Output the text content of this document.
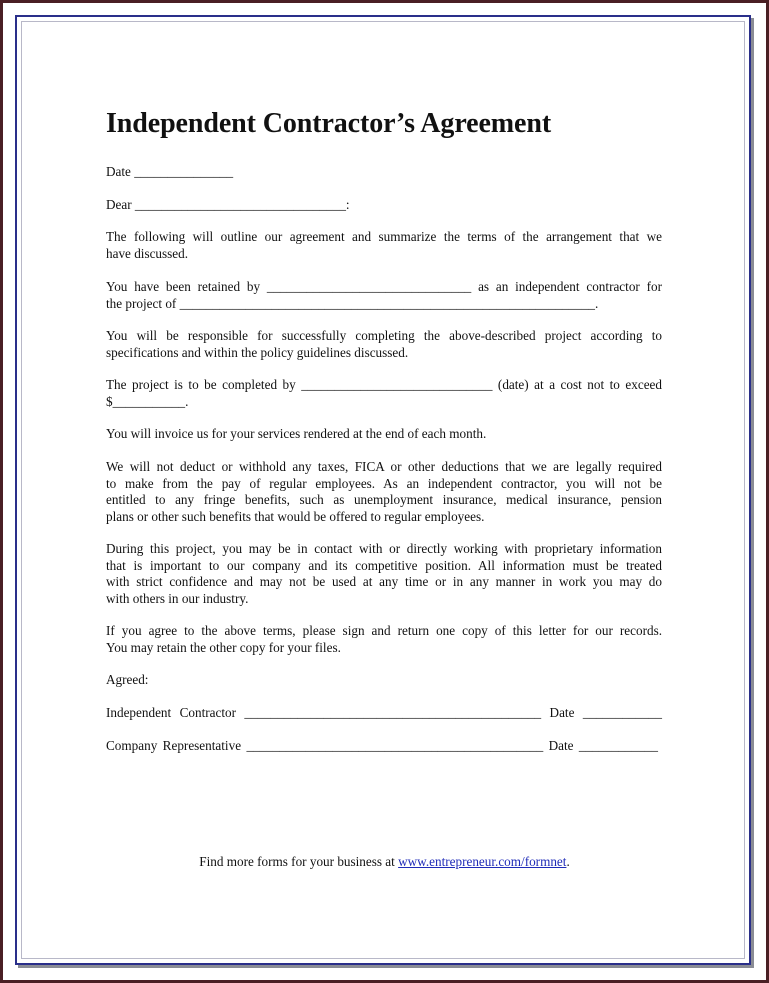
Independent Contractor’s Agreement

Date _______________

Dear ________________________________:

The following will outline our agreement and summarize the terms of the arrangement that we
have discussed.
You have been retained by _______________________________ as an independent contractor for
the project of _______________________________________________________________.
You will be responsible for successfully completing the above-described project according to
specifications and within the policy guidelines discussed.
The project is to be completed by _____________________________ (date) at a cost not to exceed
$___________.

You will invoice us for your services rendered at the end of each month.

We will not deduct or withhold any taxes, FICA or other deductions that we are legally required
to make from the pay of regular employees. As an independent contractor, you will not be
entitled to any fringe benefits, such as unemployment insurance, medical insurance, pension
plans or other such benefits that would be offered to regular employees.
During this project, you may be in contact with or directly working with proprietary information
that is important to our company and its competitive position. All information must be treated
with strict confidence and may not be used at any time or in any manner in work you may do
with others in our industry.
If you agree to the above terms, please sign and return one copy of this letter for our records.
You may retain the other copy for your files.

Agreed:

Independent Contractor _____________________________________________ Date ____________

Company Representative _____________________________________________ Date ____________

Find more forms for your business at www.entrepreneur.com/formnet.
